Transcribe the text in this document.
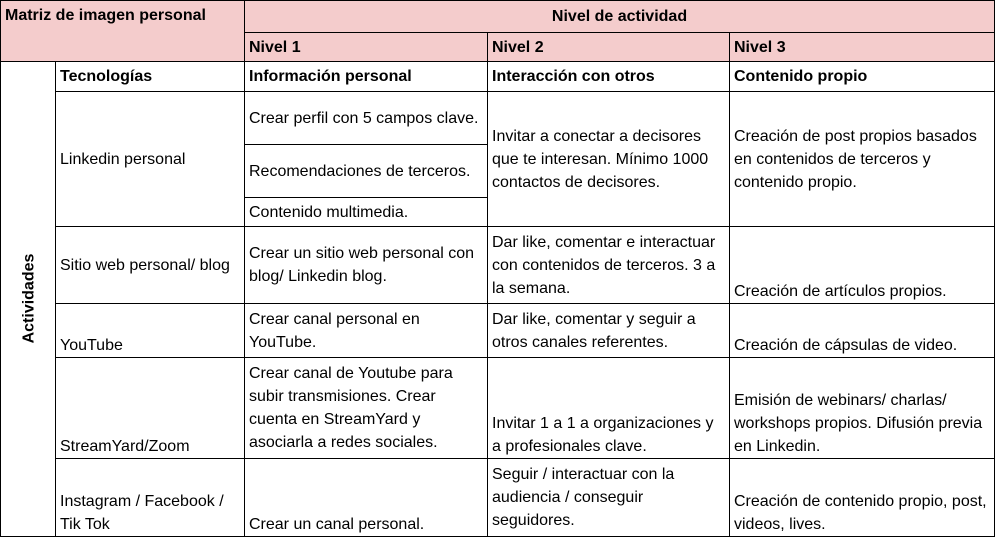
Matriz de imagen personal		Nivel de actividad		
		Nivel 1	Nivel 2	Nivel 3

Actividades	Tecnologías	Información personal	Interacción con otros	Contenido propio
	Linkedin personal	Crear perfil con 5 campos clave.	Invitar a conectar a decisores que te interesan. Mínimo 1000 contactos de decisores.	Creación de post propios basados en contenidos de terceros y contenido propio.
		Recomendaciones de terceros.		
		Contenido multimedia.		
	Sitio web personal/ blog	Crear un sitio web personal con blog/ Linkedin blog.	Dar like, comentar e interactuar con contenidos de terceros. 3 a la semana.	Creación de artículos propios.
	YouTube	Crear canal personal en YouTube.	Dar like, comentar y seguir a otros canales referentes.	Creación de cápsulas de video.
	StreamYard/Zoom	Crear canal de Youtube para subir transmisiones. Crear cuenta en StreamYard y asociarla a redes sociales.	Invitar 1 a 1 a organizaciones y a profesionales clave.	Emisión de webinars/ charlas/ workshops propios. Difusión previa en Linkedin.
	Instagram / Facebook / Tik Tok	Crear un canal personal.	Seguir / interactuar con la audiencia / conseguir seguidores.	Creación de contenido propio, post, videos, lives.
